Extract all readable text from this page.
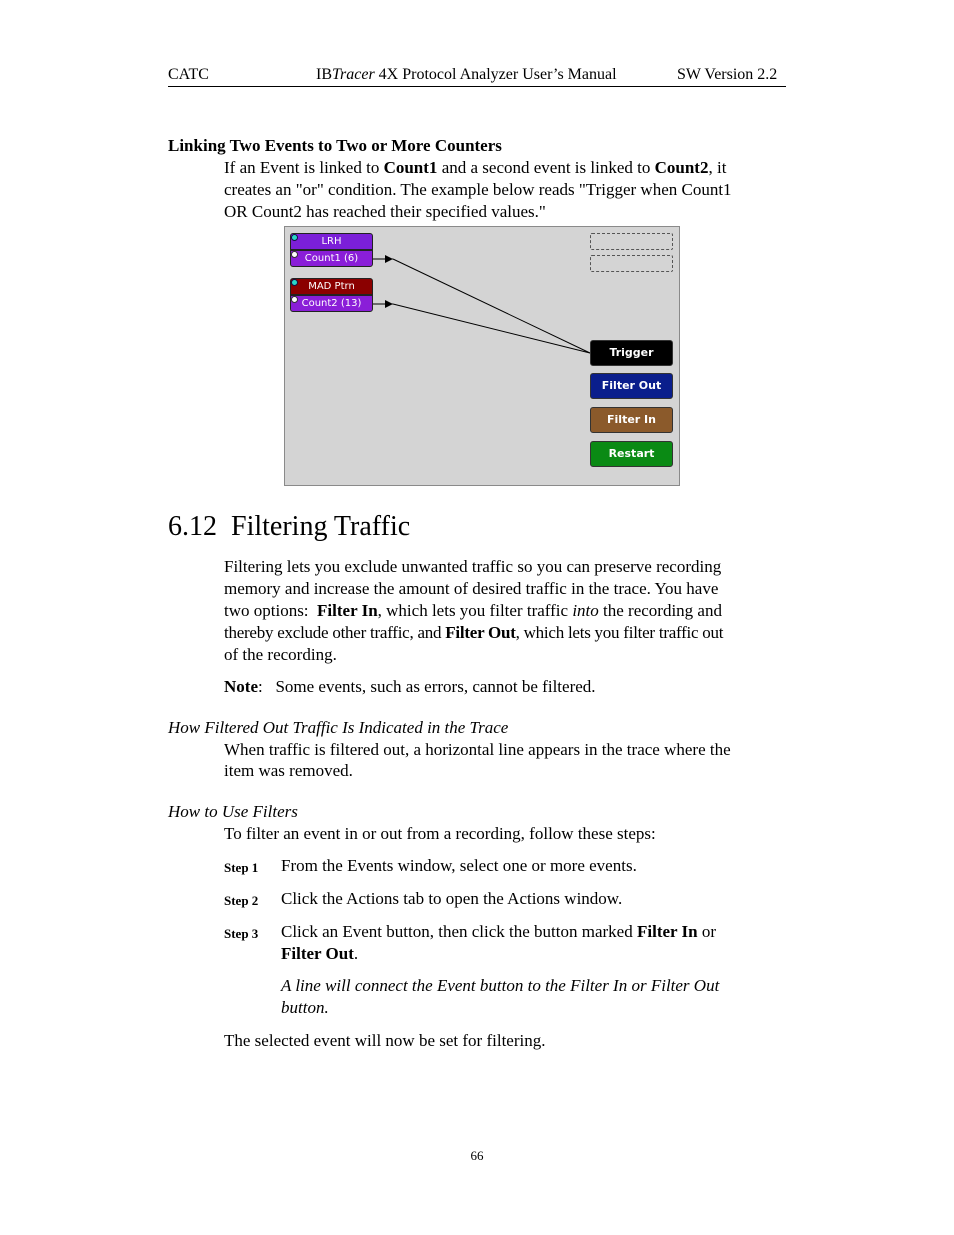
CATC	IBTracer 4X Protocol Analyzer User’s Manual	SW Version 2.2
Linking Two Events to Two or More Counters
If an Event is linked to Count1 and a second event is linked to Count2, it
creates an "or" condition. The example below reads "Trigger when Count1
OR Count2 has reached their specified values."
LRH
Count1 (6)
MAD Ptrn
Count2 (13)
Trigger
Filter Out
Filter In
Restart
6.12 Filtering Traffic
Filtering lets you exclude unwanted traffic so you can preserve recording
memory and increase the amount of desired traffic in the trace. You have
two options:  Filter In, which lets you filter traffic into the recording and
thereby exclude other traffic, and Filter Out, which lets you filter traffic out
of the recording.
Note:   Some events, such as errors, cannot be filtered.
How Filtered Out Traffic Is Indicated in the Trace
When traffic is filtered out, a horizontal line appears in the trace where the
item was removed.
How to Use Filters
To filter an event in or out from a recording, follow these steps:
Step 1 From the Events window, select one or more events.
Step 2 Click the Actions tab to open the Actions window.
Step 3 Click an Event button, then click the button marked Filter In or
Filter Out.
A line will connect the Event button to the Filter In or Filter Out
button.
The selected event will now be set for filtering.
66
